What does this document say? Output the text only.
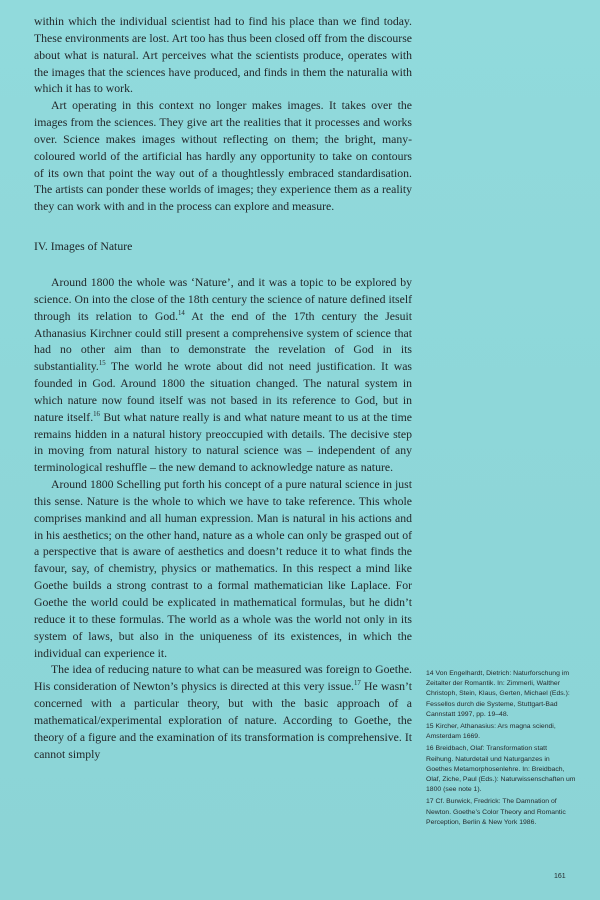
within which the individual scientist had to find his place than we find today. These environments are lost. Art too has thus been closed off from the discourse about what is natural. Art perceives what the scientists produce, operates with the images that the sciences have produced, and finds in them the naturalia with which it has to work.

Art operating in this context no longer makes images. It takes over the images from the sciences. They give art the realities that it processes and works over. Science makes images without reflecting on them; the bright, many-coloured world of the artificial has hardly any opportunity to take on contours of its own that point the way out of a thoughtlessly embraced standardisation. The artists can ponder these worlds of images; they experience them as a reality they can work with and in the process can explore and measure.

IV. Images of Nature

Around 1800 the whole was ‘Nature’, and it was a topic to be explored by science. On into the close of the 18th century the science of nature defined itself through its relation to God.$^{14}$ At the end of the 17th century the Jesuit Athanasius Kirchner could still present a comprehensive system of science that had no other aim than to demonstrate the revelation of God in its substantiality.$^{15}$ The world he wrote about did not need justification. It was founded in God. Around 1800 the situation changed. The natural system in which nature now found itself was not based in its reference to God, but in nature itself.$^{16}$ But what nature really is and what nature meant to us at the time remains hidden in a natural history preoccupied with details. The decisive step in moving from natural history to natural science was – independent of any terminological reshuffle – the new demand to acknowledge nature as nature.

Around 1800 Schelling put forth his concept of a pure natural science in just this sense. Nature is the whole to which we have to take reference. This whole comprises mankind and all human expression. Man is natural in his actions and in his aesthetics; on the other hand, nature as a whole can only be grasped out of a perspective that is aware of aesthetics and doesn’t reduce it to what finds the favour, say, of chemistry, physics or mathematics. In this respect a mind like Goethe builds a strong contrast to a formal mathematician like Laplace. For Goethe the world could be explicated in mathematical formulas, but he didn’t reduce it to these formulas. The world as a whole was the world not only in its system of laws, but also in the uniqueness of its existences, in which the individual can experience it.

The idea of reducing nature to what can be measured was foreign to Goethe. His consideration of Newton’s physics is directed at this very issue.$^{17}$ He wasn’t concerned with a particular theory, but with the basic approach of a mathematical/experimental exploration of nature. According to Goethe, the theory of a figure and the examination of its transformation is comprehensive. It cannot simply

14 Von Engelhardt, Dietrich: Naturforschung im Zeitalter der Romantik. In: Zimmerli, Walther Christoph, Stein, Klaus, Gerten, Michael (Eds.): Fessellos durch die Systeme, Stuttgart-Bad Cannstatt 1997, pp. 19–48.

15 Kircher, Athanasius: Ars magna sciendi, Amsterdam 1669.

16 Breidbach, Olaf: Transformation statt Reihung. Naturdetail und Naturganzes in Goethes Metamorphosenlehre. In: Breidbach, Olaf, Ziche, Paul (Eds.): Naturwissenschaften um 1800 (see note 1).

17 Cf. Burwick, Fredrick: The Damnation of Newton. Goethe’s Color Theory and Romantic Perception, Berlin & New York 1986.

161
